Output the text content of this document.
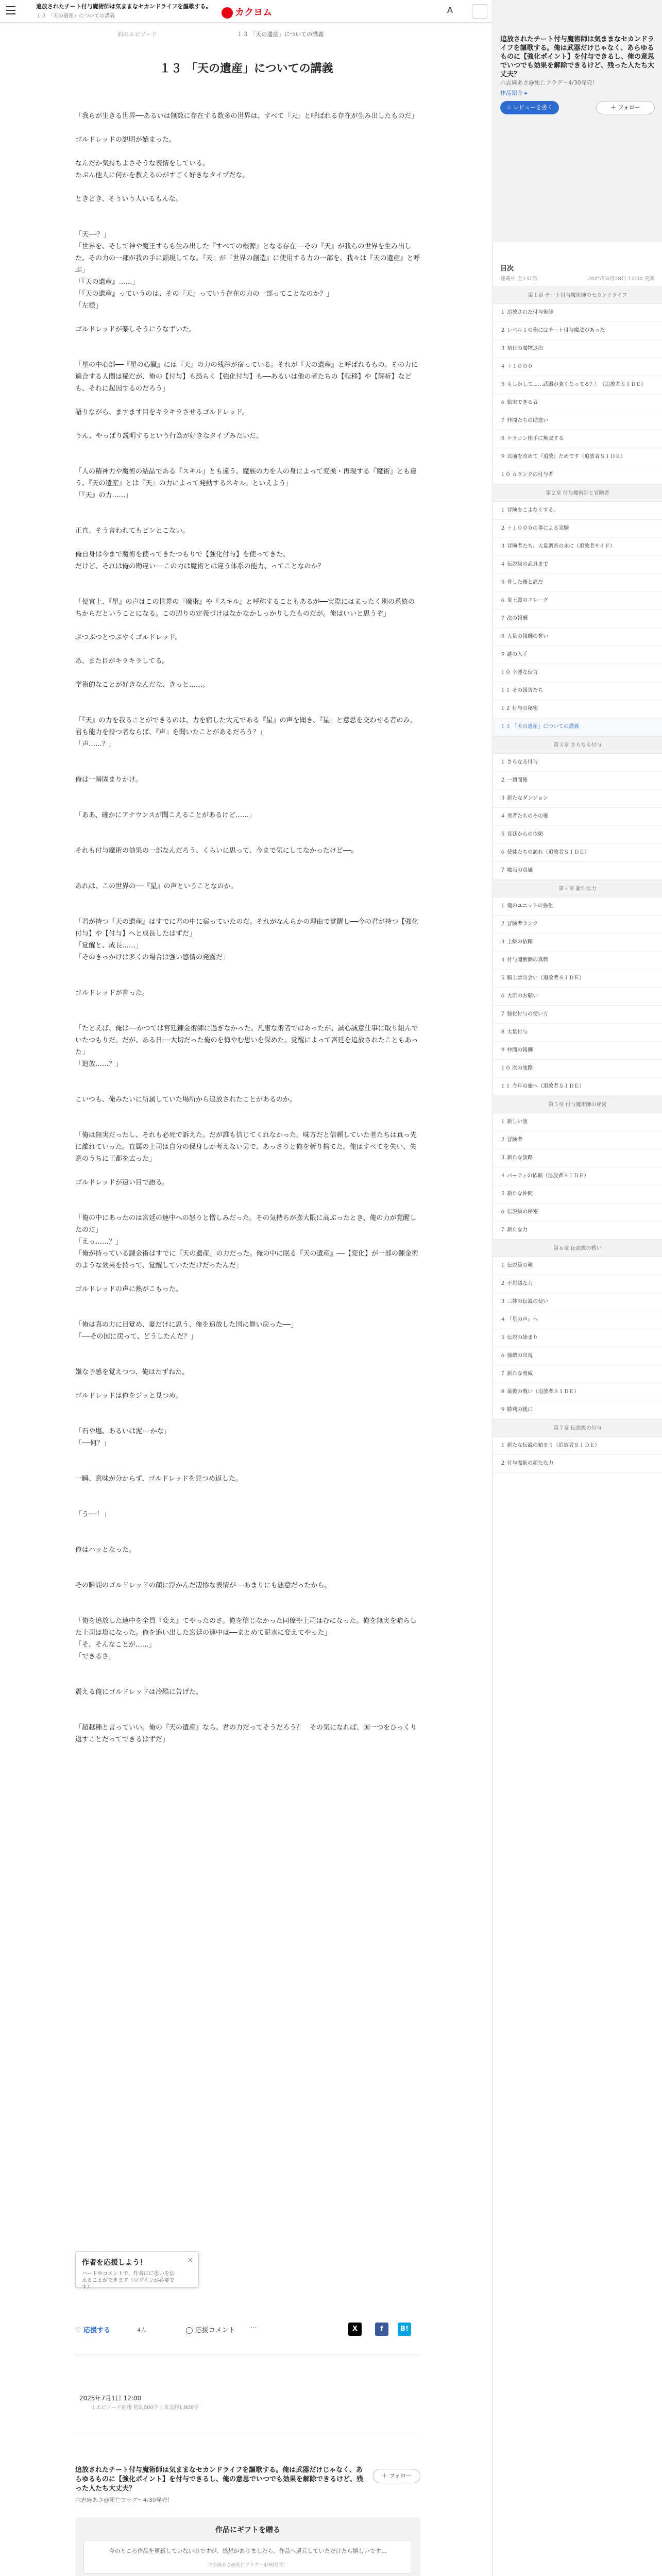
追放されたチート付与魔術師は気ままなセカンドライフを謳歌する。
１３ 「天の遺産」についての講義	カクヨム	A
前のエピソード	１３ 「天の遺産」についての講義
１３ 「天の遺産」についての講義

「我らが生きる世界──あるいは無数に存在する数多の世界は、すべて『天』と呼ばれる存在が生み出したものだ」

ゴルドレッドの説明が始まった。

なんだか気持ちよさそうな表情をしている。

たぶん他人に何かを教えるのがすごく好きなタイプだな。

ときどき、そういう人いるもんな。

「天──？」

「世界を、そして神や魔王すらも生み出した『すべての根源』となる存在──その『天』が我らの世界を生み出した。その力の一部が我の手に顕現してな。『天』が『世界の創造』に使用する力の一部を、我々は『天の遺産』と呼ぶ」

「『天の遺産』……」

「『天の遺産』っていうのは、その『天』っていう存在の力の一部ってことなのか？」

「左様」

ゴルドレッドが楽しそうにうなずいた。

「星の中心部──『星の心臓』には『天』の力の残滓が宿っている。それが『天の遺産』と呼ばれるもの。その力に適合する人間は稀だが、俺の【付与】も恐らく【強化付与】も──あるいは他の者たちの【転移】や【解析】なども、それに起因するのだろう」

語りながら、ますます目をキラキラさせるゴルドレッド。

うん、やっぱり説明するという行為が好きなタイプみたいだ。

「人の精神力や魔術の結晶である『スキル』とも違う。魔族の力を人の身によって変換・再現する『魔術』とも違う。『天の遺産』とは『天』の力によって発動するスキル。といえよう」

「『天』の力……」

正直、そう言われてもピンとこない。

俺自身は今まで魔術を使ってきたつもりで【強化付与】を使ってきた。

だけど、それは俺の勘違い──この力は魔術とは違う体系の能力、ってことなのか？

「便宜上、『星』の声はこの世界の『魔術』や『スキル』と呼称することもあるが──実際にはまったく別の系統のちからだということになる。この辺りの定義づけはなかなかしっかりしたものだが。俺はいいと思うぞ」

ぶつぶつとつぶやくゴルドレッド。

あ、また目がキラキラしてる。

学術的なことが好きなんだな、きっと……。

「『天』の力を我ることができるのは、力を宿した大元である『星』の声を聞き、『星』と意思を交わせる者のみ。君も能力を持つ者ならば、『声』を聞いたことがあるだろう？」

「声……？」

俺は一瞬固まりかけ。

「ああ、確かにアナウンスが聞こえることがあるけど……」

それも付与魔術の効果の一部なんだろう、くらいに思って、今まで気にしてなかったけど──。

あれは、この世界の──『星』の声ということなのか。

「君が持つ『天の遺産』はすでに君の中に宿っていたのだ。それがなんらかの理由で覚醒し──今の君が持つ【強化付与】や【付与】へと成長したはずだ」

「覚醒と、成長……」

「そのきっかけは多くの場合は強い感情の発露だ」

ゴルドレッドが言った。

「たとえば、俺は──かつては宮廷錬金術師に過ぎなかった。凡庸な術者ではあったが、誠心誠意仕事に取り組んでいたつもりだ。だが、ある日──大切だった俺のを悔やむ思いを深めた。覚醒によって宮廷を追放されたこともあった」

「追放……？」

こいつも、俺みたいに所属していた場所から追放されたことがあるのか。

「俺は無実だったし、それも必死で訴えた。だが誰も信じてくれなかった。味方だと信頼していた者たちは真っ先に離れていった。直属の上司は自分の保身しか考えない男で、あっさりと俺を斬り捨てた。俺はすべてを失い、失意のうちに王都を去った」

ゴルドレッドが遠い目で語る。

「俺の中にあったのは宮廷の連中への怒りと憎しみだった。その気持ちが膨大限に高ぶったとき、俺の力が覚醒したのだ」

「えっ……？」

「俺が持っている錬金術はすでに『天の遺産』の力だった。俺の中に眠る『天の遺産』──【変化】が一部の錬金術のような効果を持って、覚醒していただけだったんだ」

ゴルドレッドの声に熱がこもった。

「俺は真の力に目覚め、妻だけに思う、俺を追放した国に舞い戻った──」

「──その国に戻って、どうしたんだ？」

嫌な予感を覚えつつ、俺はたずねた。

ゴルドレッドは俺をジッと見つめ。

「石や塩、あるいは泥──かな」

「──何？」

一瞬、意味が分からず、ゴルドレッドを見つめ返した。

「う──！」

俺はハッとなった。

その瞬間のゴルドレッドの顔に浮かんだ凄惨な表情が──あまりにも悪意だったから。

「俺を追放した連中を全員『変え』てやったのさ。俺を信じなかった同僚や上司はむになった。俺を無実を晴らした上司は塩になった。俺を追い出した宮廷の連中は──まとめて泥水に変えてやった」

「そ、そんなことが……」

「できるさ」

震える俺にゴルドレッドは冷酷に告げた。

「超越種と言っていい。俺の『天の遺産』なら、君の力だってそうだろう？　その気になれば、国一つをひっくり返すことだってできるはずだ」

作者を応援しよう！	×
ハートやコメントで、作者にに思いを伝えることができます（ログインが必要です）
♡ 応援する	4人	◯ 応援コメント ···	X	f	B!
2025年7月1日 12:00
１エピソード前後 約2,000字 | 本文約1,800字
追放されたチート付与魔術師は気ままなセカンドライフを謳歌する。俺は武器だけじゃなく、あらゆるものに【強化ポイント】を付与できるし、俺の意思でいつでも効果を解除できるけど、残った人たち大丈夫？
六志麻あさ@死亡フラグ〜4/30発売！
＋ フォロー
作品にギフトを贈る
今のところ作品を更新していないのですが、感想がありましたら、作品へ還元していただけたら嬉しいです…
六志麻あさ@死亡フラグ〜4/30発売！

追放されたチート付与魔術師は気ままなセカンドライフを謳歌する。俺は武器だけじゃなく、あらゆるものに【強化ポイント】を付与できるし、俺の意思でいつでも効果を解除できるけど、残った人たち大丈夫？
六志麻あさ@死亡フラグ〜4/30発売！
作品紹介 ▸
☆ レビューを書く	＋ フォロー
目次
連載中 全131話	2025年6月28日 12:00 更新
第１章 チート付与魔術師のセカンドライフ
１ 追放された付与術師
２ レベル１の俺にはチート付与魔法があった
３ 初日の魔物退治
４ ＋１０００
５ もしかして……武器が強くなってる？！（追放者ＳＩＤＥ）
６ 始末できる者
７ 仲間たちの勘違い
８ ケラコン相手に無双する
９ 以前を改めて『追放』ためです（追放者ＳＩＤＥ）
１０ ６ランクの付与者
第２章 付与魔術師と冒険者
１ 冒険をこよなくする。
２ ＋１０００の事による実験
３ 冒険者たち、大量調査の末に（追放者サイド）
４ 伝説級の武具まで
５ 脅した後と高だ
６ 鬼王殺のエレーグ
７ 次の報酬
８ 大量の報酬の奪い
９ 謎の入手
１０ 幸運な伝言
１１ その報告たち
１２ 付与の秘密
１３ 「天の遺産」についての講義
第３章 さらなる付与
１ さらなる付与
２ 一週間後
３ 新たなダンジョン
４ 勇者たちのその後
５ 宮廷からの依頼
６ 使徒たちの訪れ（追放者ＳＩＤＥ）
７ 魔石の真価
第４章 新たな力
１ 俺のユニットの強化
２ 冒険者ランク
３ 上級の依頼
４ 付与魔術師の真価
５ 騎士は出会い（追放者ＳＩＤＥ）
６ 大臣のお願い
７ 強化付与の使い方
８ 大量付与
９ 仲間の報酬
１０ 次の旅路
１１ 今年の旅へ（追放者ＳＩＤＥ）
第５章 付与魔術師の秘密
１ 新しい旅
２ 冒険者
３ 新たな旅路
４ パーティの依頼（追放者ＳＩＤＥ）
５ 新たな仲間
６ 伝説級の秘密
７ 新たな力
第６章 伝説級の戦い
１ 伝説級の剣
２ 不思議な力
３ 三体の伝説の使い
４ 『星の声』へ
５ 伝説の始まり
６ 強敵の出現
７ 新たな脅威
８ 最後の戦い（追放者ＳＩＤＥ）
９ 勝利の後に
第７章 伝説級の付与
１ 新たな伝説の始まり（追放者ＳＩＤＥ）
２ 付与魔術の新たな力
